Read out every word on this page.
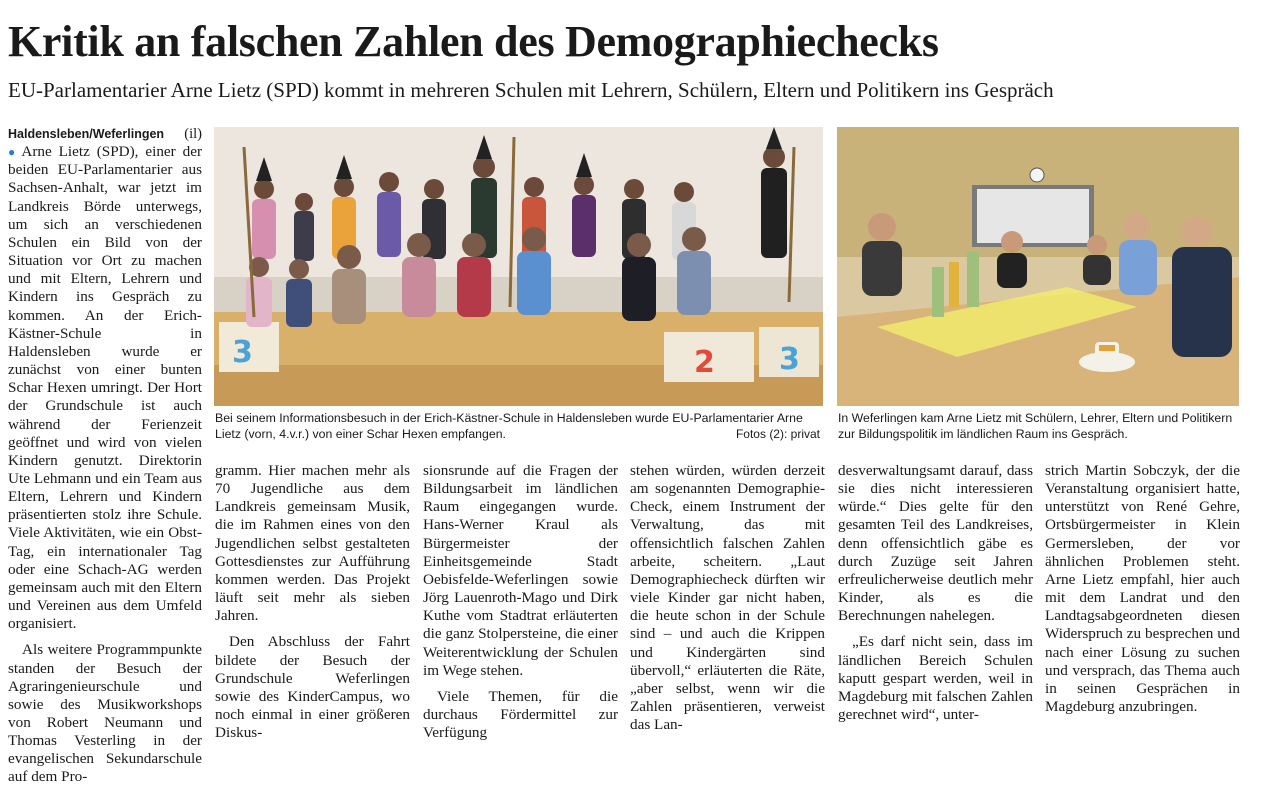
Kritik an falschen Zahlen des Demographiechecks

EU-Parlamentarier Arne Lietz (SPD) kommt in mehreren Schulen mit Lehrern, Schülern, Eltern und Politikern ins Gespräch

Haldensleben/Weferlingen (il)

● Arne Lietz (SPD), einer der beiden EU-Parlamentarier aus Sachsen-Anhalt, war jetzt im Landkreis Börde unterwegs, um sich an verschiedenen Schulen ein Bild von der Situation vor Ort zu machen und mit Eltern, Lehrern und Kindern ins Gespräch zu kommen. An der Erich-Kästner-Schule in Haldensleben wurde er zunächst von einer bunten Schar Hexen umringt. Der Hort der Grundschule ist auch während der Ferienzeit geöffnet und wird von vielen Kindern genutzt. Direktorin Ute Lehmann und ein Team aus Eltern, Lehrern und Kindern präsentierten stolz ihre Schule. Viele Aktivitäten, wie ein Obst-Tag, ein internationaler Tag oder eine Schach-AG werden gemeinsam auch mit den Eltern und Vereinen aus dem Umfeld organisiert.

Als weitere Programmpunkte standen der Besuch der Agraringenieurschule und sowie des Musikworkshops von Robert Neumann und Thomas Vesterling in der evangelischen Sekundarschule auf dem Pro-

3	2 3
Bei seinem Informationsbesuch in der Erich-Kästner-Schule in Haldensleben wurde EU-Parlamentarier Arne Lietz (vorn, 4.v.r.) von einer Schar Hexen empfangen.	Fotos (2): privat
In Weferlingen kam Arne Lietz mit Schülern, Lehrer, Eltern und Politikern zur Bildungspolitik im ländlichen Raum ins Gespräch.

gramm. Hier machen mehr als 70 Jugendliche aus dem Landkreis gemeinsam Musik, die im Rahmen eines von den Jugendlichen selbst gestalteten Gottesdienstes zur Aufführung kommen werden. Das Projekt läuft seit mehr als sieben Jahren.

Den Abschluss der Fahrt bildete der Besuch der Grundschule Weferlingen sowie des KinderCampus, wo noch einmal in einer größeren Diskus-

sionsrunde auf die Fragen der Bildungsarbeit im ländlichen Raum eingegangen wurde. Hans-Werner Kraul als Bürgermeister der Einheitsgemeinde Stadt Oebisfelde-Weferlingen sowie Jörg Lauenroth-Mago und Dirk Kuthe vom Stadtrat erläuterten die ganz Stolpersteine, die einer Weiterentwicklung der Schulen im Wege stehen.

Viele Themen, für die durchaus Fördermittel zur Verfügung

stehen würden, würden derzeit am sogenannten Demographie-Check, einem Instrument der Verwaltung, das mit offensichtlich falschen Zahlen arbeite, scheitern. „Laut Demographiecheck dürften wir viele Kinder gar nicht haben, die heute schon in der Schule sind – und auch die Krippen und Kindergärten sind übervoll,“ erläuterten die Räte, „aber selbst, wenn wir die Zahlen präsentieren, verweist das Lan-

desverwaltungsamt darauf, dass sie dies nicht interessieren würde.“ Dies gelte für den gesamten Teil des Landkreises, denn offensichtlich gäbe es durch Zuzüge seit Jahren erfreulicherweise deutlich mehr Kinder, als es die Berechnungen nahelegen.

„Es darf nicht sein, dass im ländlichen Bereich Schulen kaputt gespart werden, weil in Magdeburg mit falschen Zahlen gerechnet wird“, unter-

strich Martin Sobczyk, der die Veranstaltung organisiert hatte, unterstützt von René Gehre, Ortsbürgermeister in Klein Germersleben, der vor ähnlichen Problemen steht. Arne Lietz empfahl, hier auch mit dem Landrat und den Landtagsabgeordneten diesen Widerspruch zu besprechen und nach einer Lösung zu suchen und versprach, das Thema auch in seinen Gesprächen in Magdeburg anzubringen.
